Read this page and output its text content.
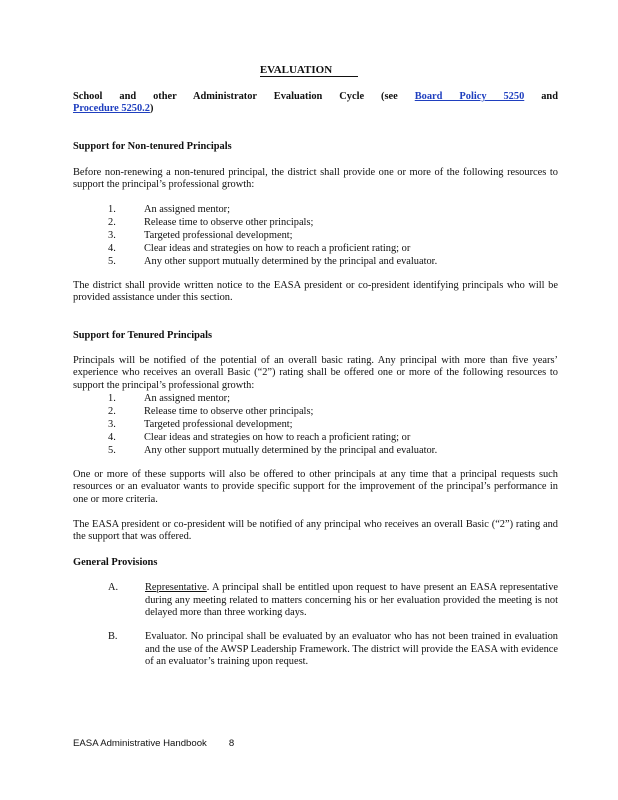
EVALUATION
School and other Administrator Evaluation Cycle (see Board Policy 5250 and
Procedure 5250.2)
Support for Non-tenured Principals
Before non-renewing a non-tenured principal, the district shall provide one or more of the following resources to support the principal’s professional growth:
1.	An assigned mentor;
2.	Release time to observe other principals;
3.	Targeted professional development;
4.	Clear ideas and strategies on how to reach a proficient rating; or
5.	Any other support mutually determined by the principal and evaluator.
The district shall provide written notice to the EASA president or co-president identifying principals who will be provided assistance under this section.
Support for Tenured Principals
Principals will be notified of the potential of an overall basic rating. Any principal with more than five years’ experience who receives an overall Basic (“2”) rating shall be offered one or more of the following resources to support the principal’s professional growth:
1.	An assigned mentor;
2.	Release time to observe other principals;
3.	Targeted professional development;
4.	Clear ideas and strategies on how to reach a proficient rating; or
5.	Any other support mutually determined by the principal and evaluator.
One or more of these supports will also be offered to other principals at any time that a principal requests such resources or an evaluator wants to provide specific support for the improvement of the principal’s performance in one or more criteria.
The EASA president or co-president will be notified of any principal who receives an overall Basic (“2”) rating and the support that was offered.
General Provisions
A.	Representative. A principal shall be entitled upon request to have present an EASA representative during any meeting related to matters concerning his or her evaluation provided the meeting is not delayed more than three working days.
B.	Evaluator. No principal shall be evaluated by an evaluator who has not been trained in evaluation and the use of the AWSP Leadership Framework. The district will provide the EASA with evidence of an evaluator’s training upon request.
EASA Administrative Handbook 8
